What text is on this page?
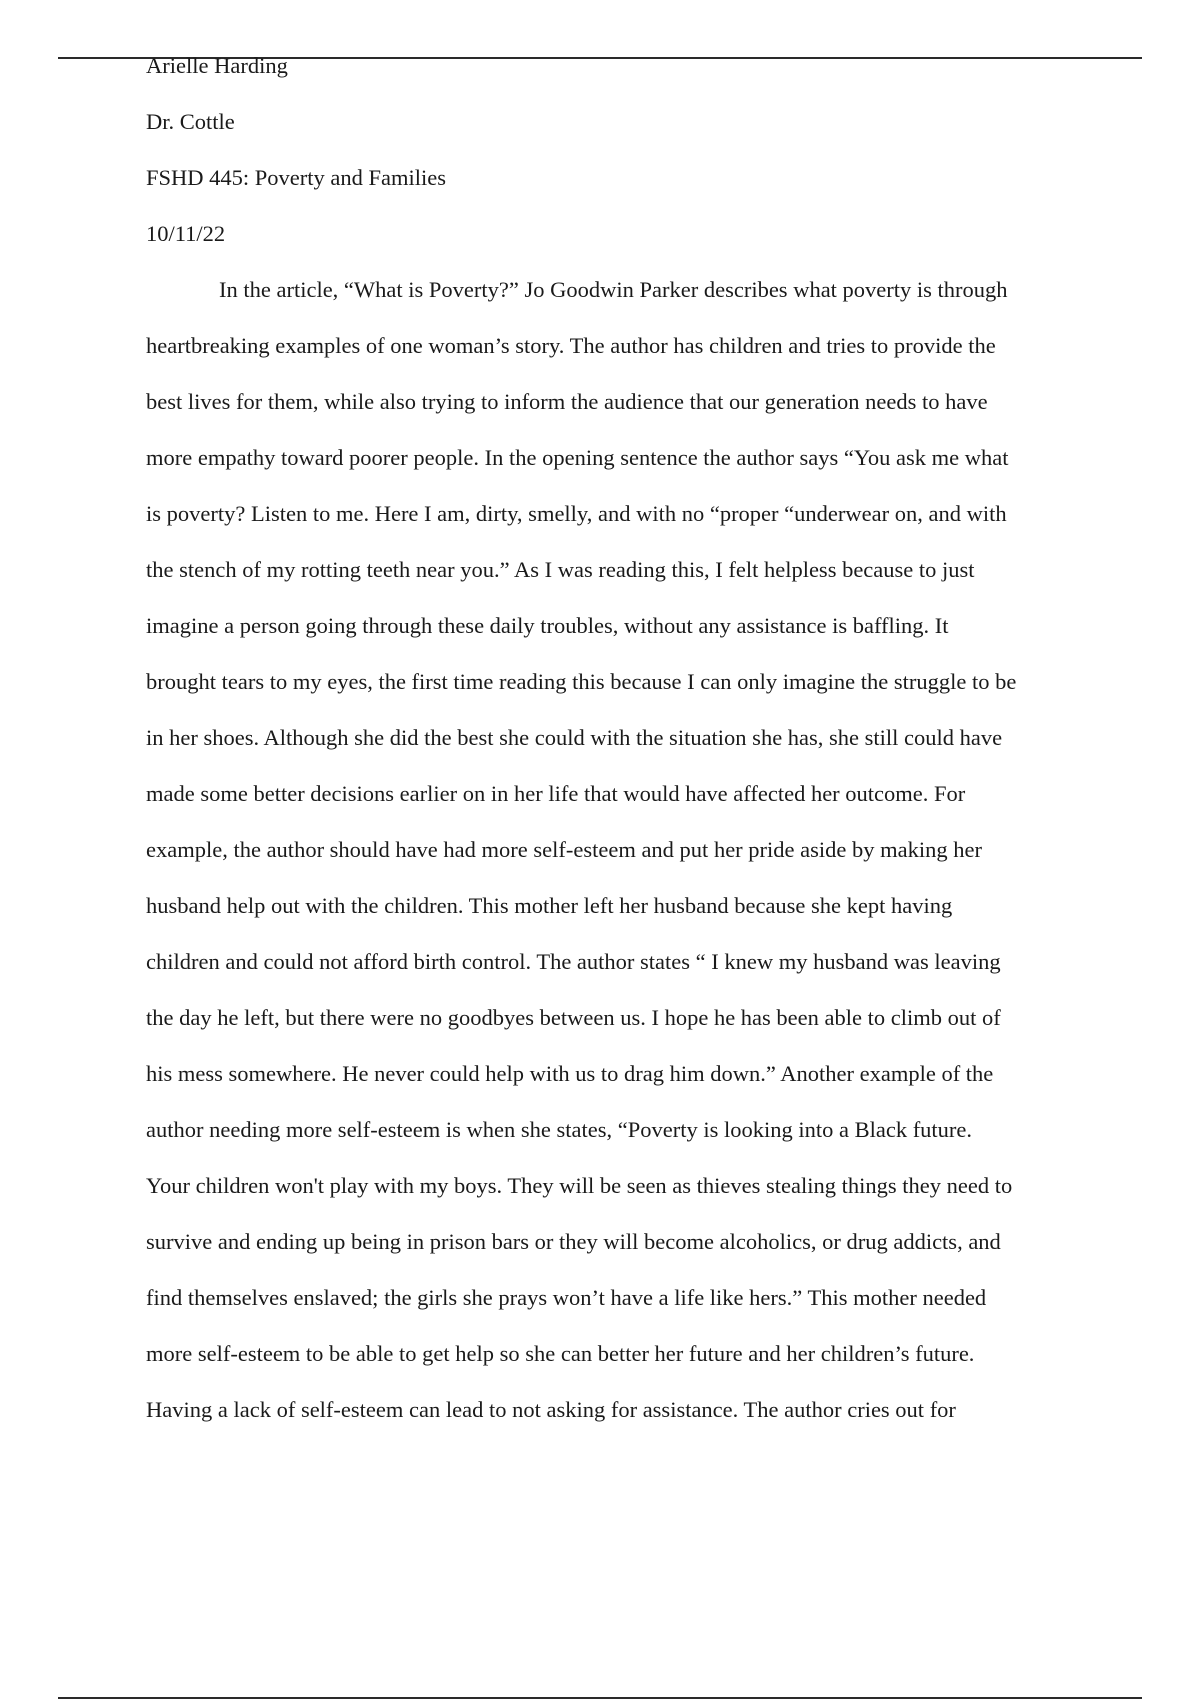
Arielle Harding
Dr. Cottle
FSHD 445: Poverty and Families
10/11/22
In the article, “What is Poverty?” Jo Goodwin Parker describes what poverty is through
heartbreaking examples of one woman’s story. The author has children and tries to provide the
best lives for them, while also trying to inform the audience that our generation needs to have
more empathy toward poorer people. In the opening sentence the author says “You ask me what
is poverty? Listen to me. Here I am, dirty, smelly, and with no “proper “underwear on, and with
the stench of my rotting teeth near you.” As I was reading this, I felt helpless because to just
imagine a person going through these daily troubles, without any assistance is baffling. It
brought tears to my eyes, the first time reading this because I can only imagine the struggle to be
in her shoes. Although she did the best she could with the situation she has, she still could have
made some better decisions earlier on in her life that would have affected her outcome. For
example, the author should have had more self-esteem and put her pride aside by making her
husband help out with the children. This mother left her husband because she kept having
children and could not afford birth control. The author states “ I knew my husband was leaving
the day he left, but there were no goodbyes between us. I hope he has been able to climb out of
his mess somewhere. He never could help with us to drag him down.” Another example of the
author needing more self-esteem is when she states, “Poverty is looking into a Black future.
Your children won't play with my boys. They will be seen as thieves stealing things they need to
survive and ending up being in prison bars or they will become alcoholics, or drug addicts, and
find themselves enslaved; the girls she prays won’t have a life like hers.” This mother needed
more self-esteem to be able to get help so she can better her future and her children’s future.
Having a lack of self-esteem can lead to not asking for assistance. The author cries out for
